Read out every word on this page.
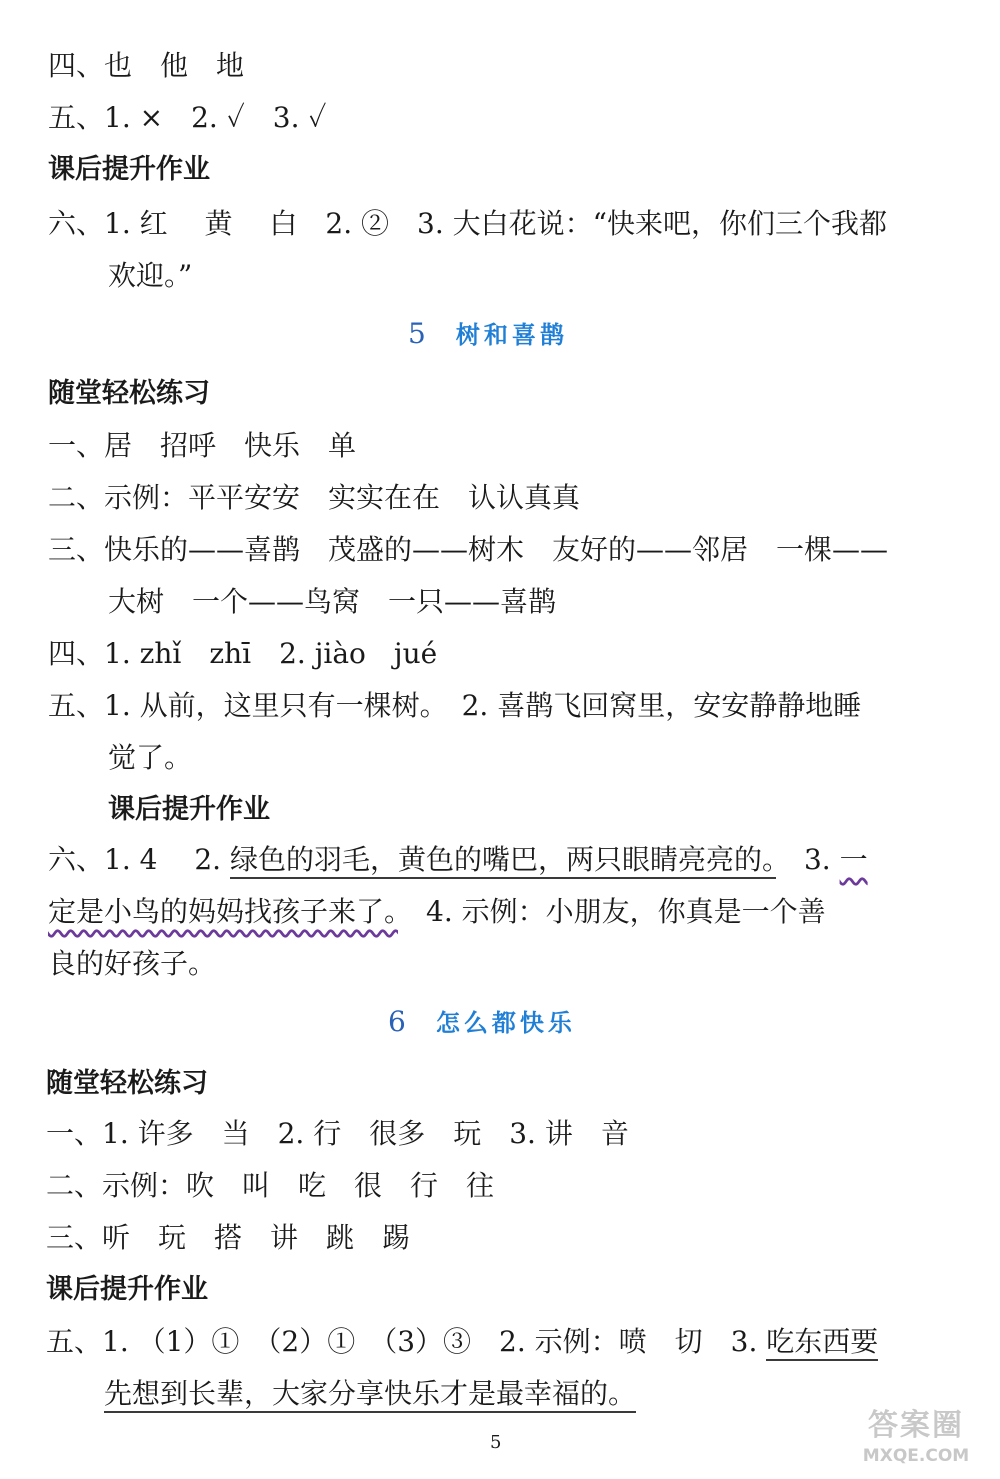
四、也　他　地
五、1. ×　2. ✓　3. ✓
课后提升作业
六、1. 红　 黄　 白　2. ②　3. 大白花说：“快来吧，你们三个我都
欢迎。”
5 树和喜鹊
随堂轻松练习
一、居　招呼　快乐　单
二、示例：平平安安　实实在在　认认真真
三、快乐的——喜鹊　茂盛的——树木　友好的——邻居　一棵——
大树　一个——鸟窝　一只——喜鹊
四、1. zhǐ　zhī　2. jiào　jué
五、1. 从前，这里只有一棵树。　2. 喜鹊飞回窝里，安安静静地睡
觉了。
课后提升作业
六、1. 4　 2. 绿色的羽毛，黄色的嘴巴，两只眼睛亮亮的。　3. 一
定是小鸟的妈妈找孩子来了。　4. 示例：小朋友，你真是一个善
良的好孩子。
6 怎么都快乐
随堂轻松练习
一、1. 许多　当　2. 行　很多　玩　3. 讲　音
二、示例：吹　叫　吃　很　行　往
三、听　玩　搭　讲　跳　踢
课后提升作业
五、1. （1）①　（2）①　（3）③　2. 示例：喷　切　3. 吃东西要
先想到长辈，大家分享快乐才是最幸福的。
5	答案圈
MXQE.COM
